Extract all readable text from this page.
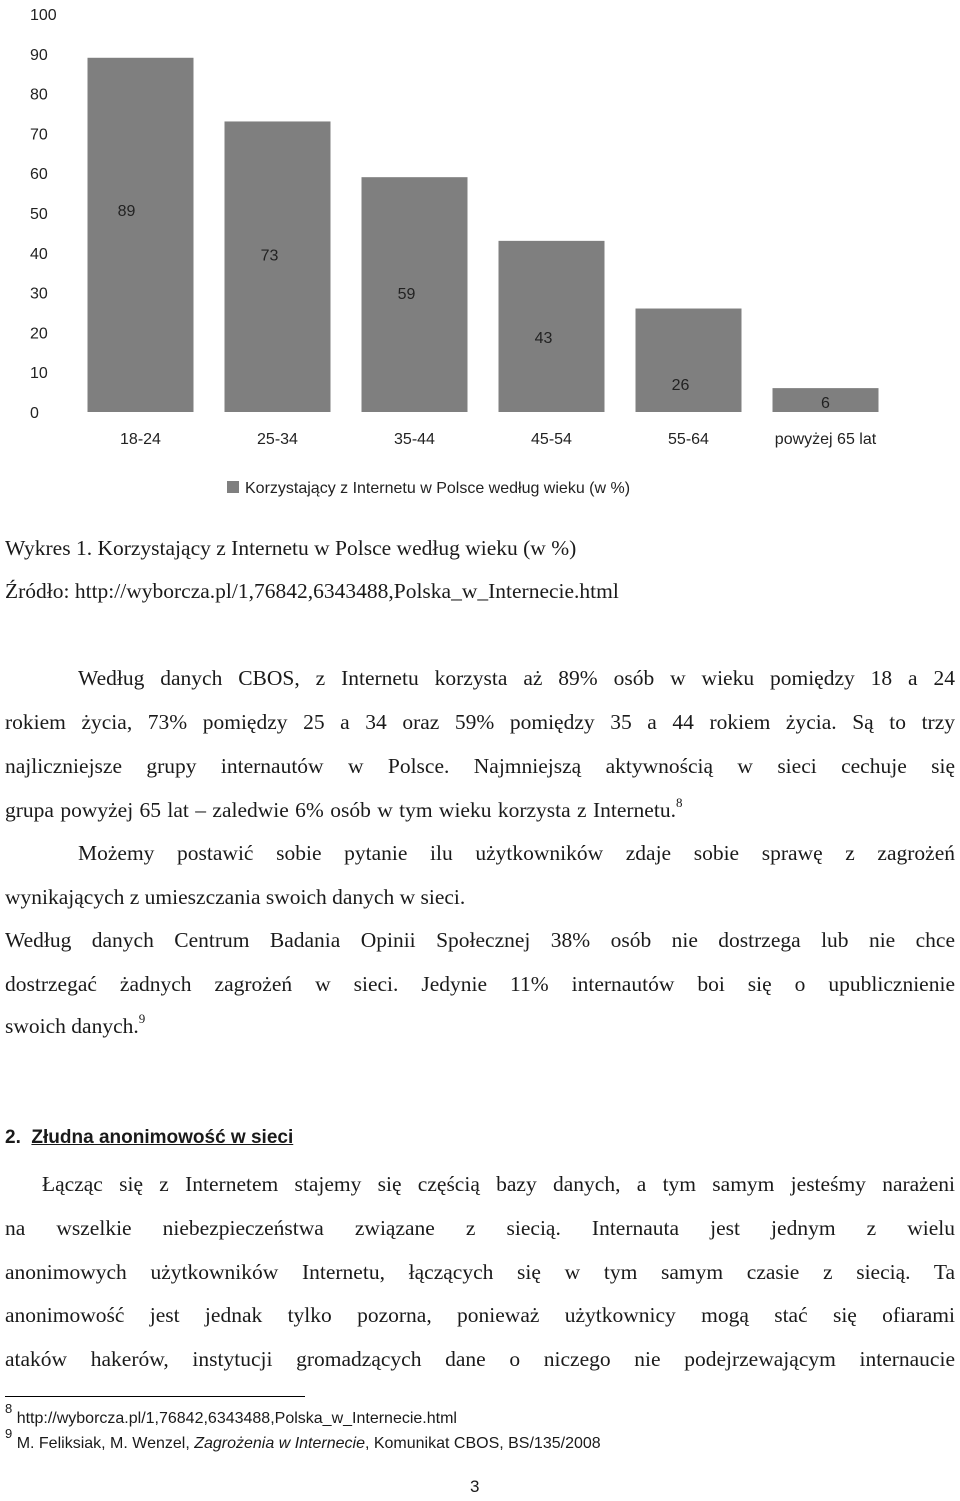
0
10
20
30
40
50
60
70
80
90
100
89
73
59
43
26
6
18-24	25-34	35-44	45-54	55-64	powyżej 65 lat
Korzystający z Internetu w Polsce według wieku (w %)
Wykres 1. Korzystający z Internetu w Polsce według wieku (w %)
Źródło: http://wyborcza.pl/1,76842,6343488,Polska_w_Internecie.html
Według danych CBOS, z Internetu korzysta aż 89% osób w wieku pomiędzy 18 a 24
rokiem życia, 73% pomiędzy 25 a 34 oraz 59% pomiędzy 35 a 44 rokiem życia. Są to trzy
najliczniejsze grupy internautów w Polsce. Najmniejszą aktywnością w sieci cechuje się
grupa powyżej 65 lat – zaledwie 6% osób w tym wieku korzysta z Internetu.$^8$
Możemy postawić sobie pytanie ilu użytkowników zdaje sobie sprawę z zagrożeń
wynikających z umieszczania swoich danych w sieci.
Według danych Centrum Badania Opinii Społecznej 38% osób nie dostrzega lub nie chce
dostrzegać żadnych zagrożeń w sieci. Jedynie 11% internautów boi się o upublicznienie
swoich danych.$^9$
2. Złudna anonimowość w sieci
Łącząc się z Internetem stajemy się częścią bazy danych, a tym samym jesteśmy narażeni
na wszelkie niebezpieczeństwa związane z siecią. Internauta jest jednym z wielu
anonimowych użytkowników Internetu, łączących się w tym samym czasie z siecią. Ta
anonimowość jest jednak tylko pozorna, ponieważ użytkownicy mogą stać się ofiarami
ataków hakerów, instytucji gromadzących dane o niczego nie podejrzewającym internaucie
$^8$ http://wyborcza.pl/1,76842,6343488,Polska_w_Internecie.html
$^9$ M. Feliksiak, M. Wenzel, Zagrożenia w Internecie, Komunikat CBOS, BS/135/2008
3
